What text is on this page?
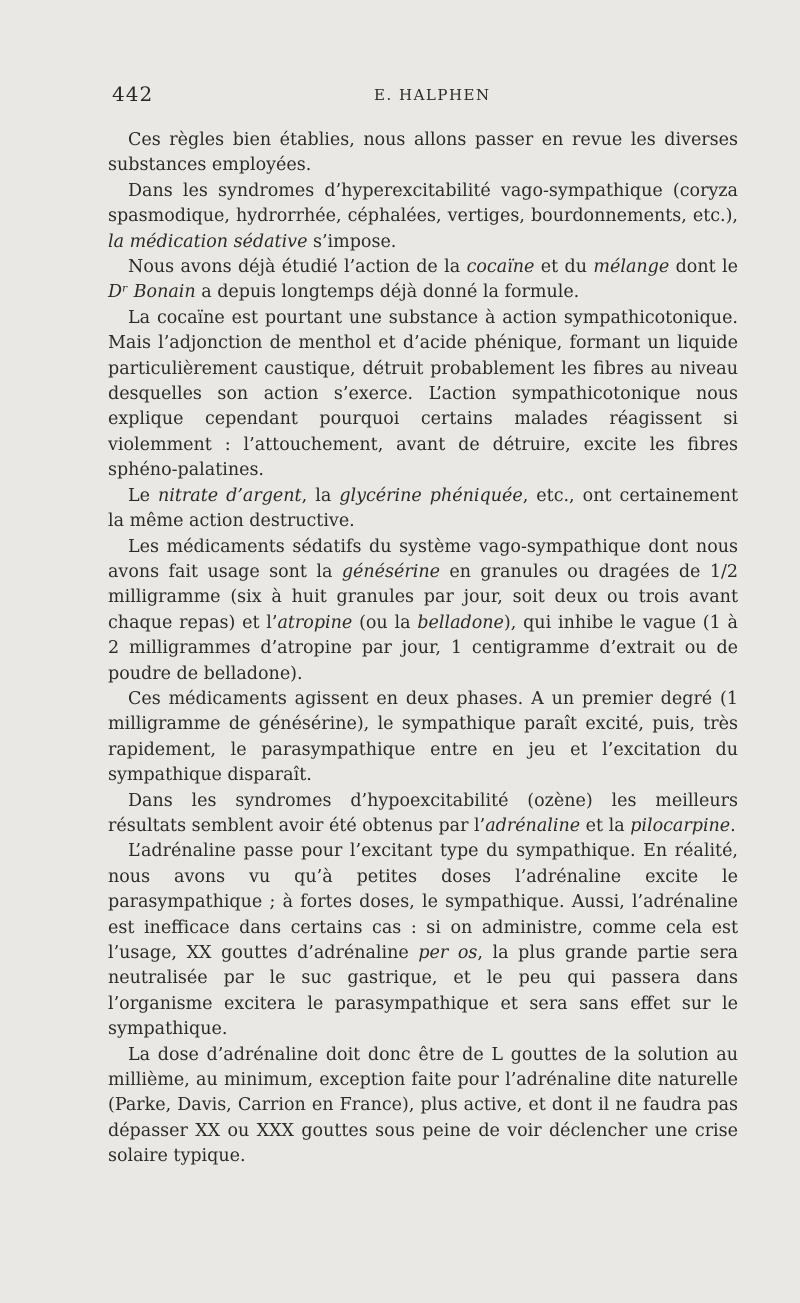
442	E. HALPHEN

Ces règles bien établies, nous allons passer en revue les diverses substances employées.

Dans les syndromes d’hyperexcitabilité vago-sympathique (coryza spasmodique, hydrorrhée, céphalées, vertiges, bourdonnements, etc.), la médication sédative s’impose.

Nous avons déjà étudié l’action de la cocaïne et du mélange dont le Dʳ Bonain a depuis longtemps déjà donné la formule.

La cocaïne est pourtant une substance à action sympathicotonique. Mais l’adjonction de menthol et d’acide phénique, formant un liquide particulièrement caustique, détruit probablement les fibres au niveau desquelles son action s’exerce. L’action sympathicotonique nous explique cependant pourquoi certains malades réagissent si violemment : l’attouchement, avant de détruire, excite les fibres sphéno-palatines.

Le nitrate d’argent, la glycérine phéniquée, etc., ont certainement la même action destructive.

Les médicaments sédatifs du système vago-sympathique dont nous avons fait usage sont la génésérine en granules ou dragées de 1/2 milligramme (six à huit granules par jour, soit deux ou trois avant chaque repas) et l’atropine (ou la belladone), qui inhibe le vague (1 à 2 milligrammes d’atropine par jour, 1 centigramme d’extrait ou de poudre de belladone).

Ces médicaments agissent en deux phases. A un premier degré (1 milligramme de génésérine), le sympathique paraît excité, puis, très rapidement, le parasympathique entre en jeu et l’excitation du sympathique disparaît.

Dans les syndromes d’hypoexcitabilité (ozène) les meilleurs résultats semblent avoir été obtenus par l’adrénaline et la pilocarpine.

L’adrénaline passe pour l’excitant type du sympathique. En réalité, nous avons vu qu’à petites doses l’adrénaline excite le parasympathique ; à fortes doses, le sympathique. Aussi, l’adrénaline est inefficace dans certains cas : si on administre, comme cela est l’usage, XX gouttes d’adrénaline per os, la plus grande partie sera neutralisée par le suc gastrique, et le peu qui passera dans l’organisme excitera le parasympathique et sera sans effet sur le sympathique.

La dose d’adrénaline doit donc être de L gouttes de la solution au millième, au minimum, exception faite pour l’adrénaline dite naturelle (Parke, Davis, Carrion en France), plus active, et dont il ne faudra pas dépasser XX ou XXX gouttes sous peine de voir déclencher une crise solaire typique.
